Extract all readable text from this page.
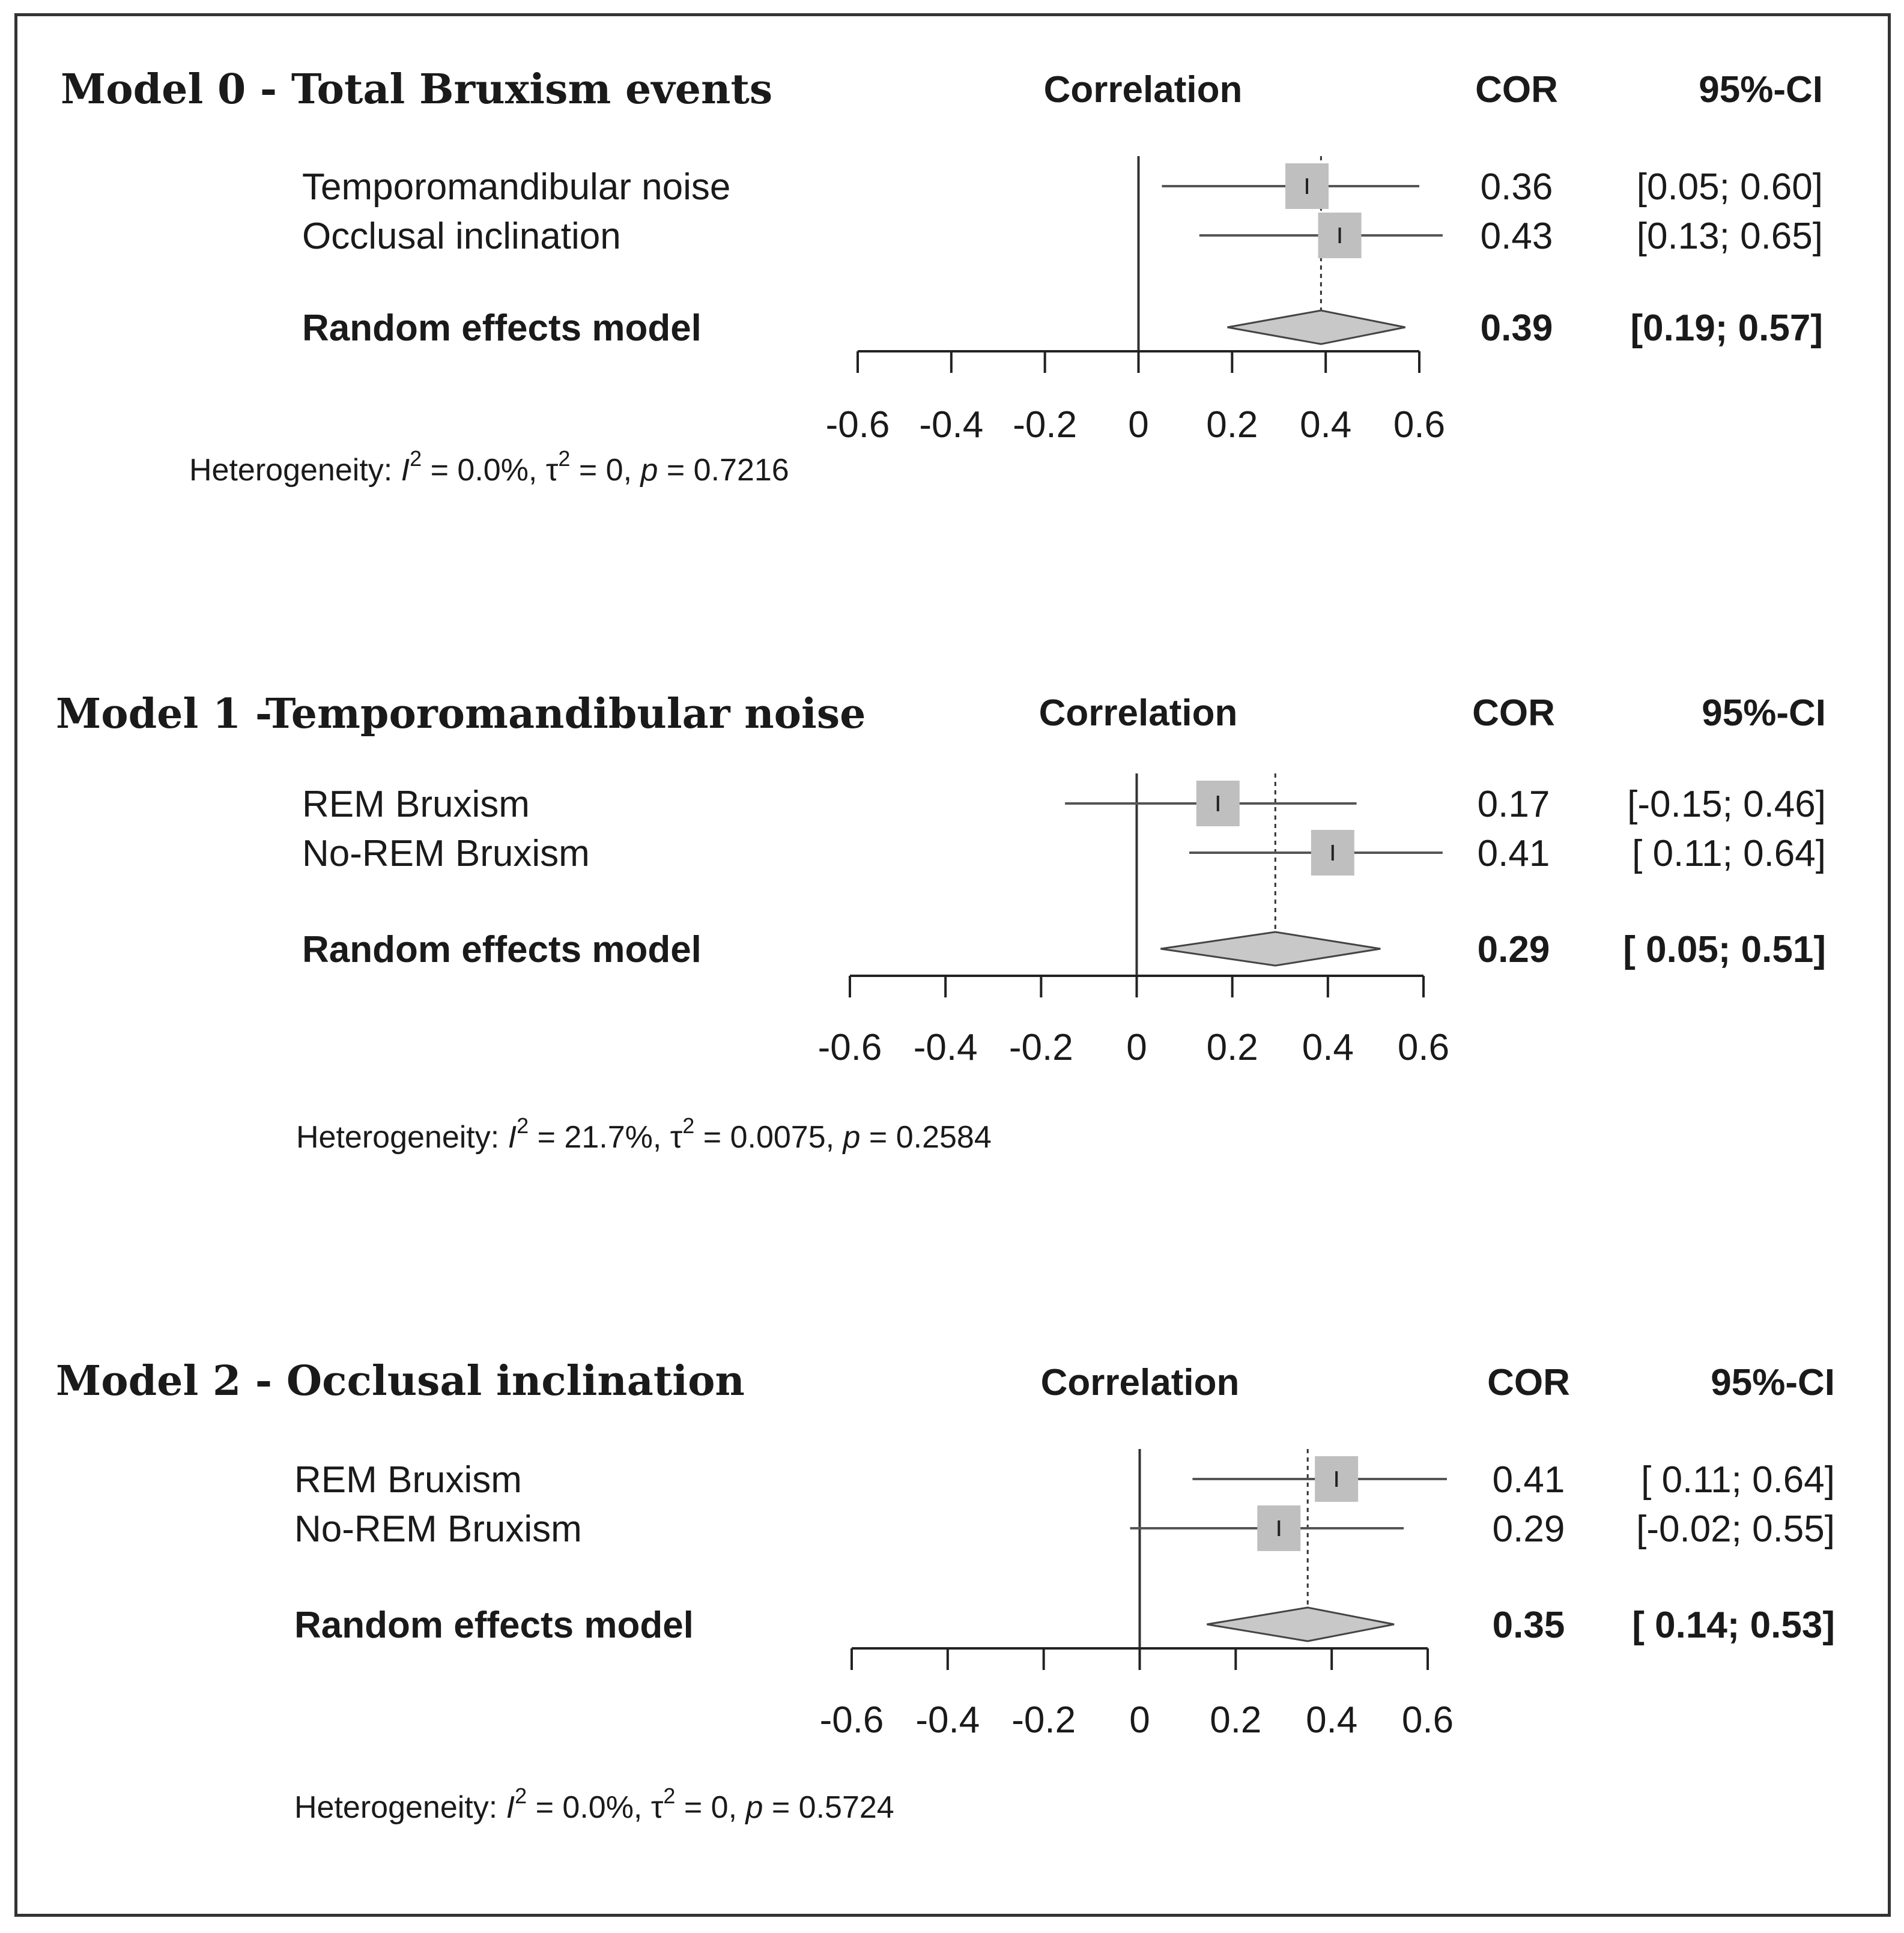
Model 0 - Total Bruxism events	Correlation	COR	95%-CI
Temporomandibular noise	0.36 [0.05; 0.60]
Occlusal inclination	0.43 [0.13; 0.65]
Random effects model	0.39 [0.19; 0.57]
-0.6 -0.4 -0.2 0 0.2 0.4 0.6
Heterogeneity: $I^2 = 0.0\%$, $\tau^2 = 0$, p = 0.7216
Model 1 -Temporomandibular noise	Correlation	COR	95%-CI
REM Bruxism	0.17 [-0.15; 0.46]
No-REM Bruxism	0.41 [ 0.11; 0.64]
Random effects model	0.29 [ 0.05; 0.51]
-0.6 -0.4 -0.2 0 0.2 0.4 0.6
Heterogeneity: $I^2 = 21.7\%$, $\tau^2 = 0.0075$, p = 0.2584
Model 2 - Occlusal inclination	Correlation	COR	95%-CI
REM Bruxism	0.41 [ 0.11; 0.64]
No-REM Bruxism	0.29 [-0.02; 0.55]
Random effects model	0.35 [ 0.14; 0.53]
-0.6 -0.4 -0.2 0 0.2 0.4 0.6
Heterogeneity: $I^2 = 0.0\%$, $\tau^2 = 0$, p = 0.5724
